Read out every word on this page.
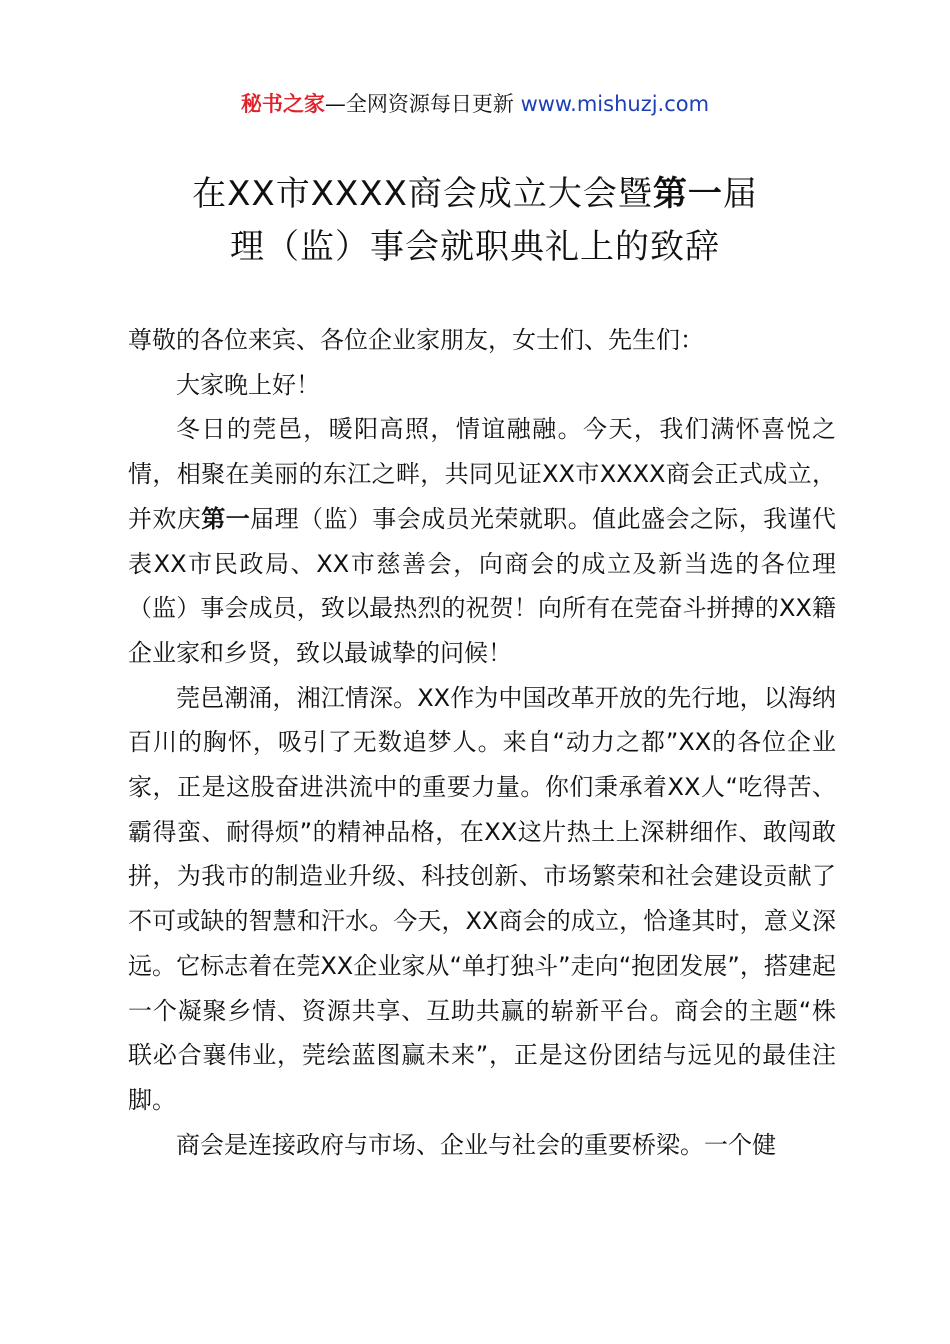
秘书之家—全网资源每日更新 www.mishuzj.com
在XX市XXXX商会成立大会暨第一届
理（监）事会就职典礼上的致辞

尊敬的各位来宾、各位企业家朋友，女士们、先生们：

大家晚上好！

冬日的莞邑，暖阳高照，情谊融融。今天，我们满怀喜悦之情，相聚在美丽的东江之畔，共同见证XX市XXXX商会正式成立，并欢庆第一届理（监）事会成员光荣就职。值此盛会之际，我谨代表XX市民政局、XX市慈善会，向商会的成立及新当选的各位理（监）事会成员，致以最热烈的祝贺！向所有在莞奋斗拼搏的XX籍企业家和乡贤，致以最诚挚的问候！

莞邑潮涌，湘江情深。XX作为中国改革开放的先行地，以海纳百川的胸怀，吸引了无数追梦人。来自“动力之都”XX的各位企业家，正是这股奋进洪流中的重要力量。你们秉承着XX人“吃得苦、霸得蛮、耐得烦”的精神品格，在XX这片热土上深耕细作、敢闯敢拼，为我市的制造业升级、科技创新、市场繁荣和社会建设贡献了不可或缺的智慧和汗水。今天，XX商会的成立，恰逢其时，意义深远。它标志着在莞XX企业家从“单打独斗”走向“抱团发展”，搭建起一个凝聚乡情、资源共享、互助共赢的崭新平台。商会的主题“株联必合襄伟业，莞绘蓝图赢未来”，正是这份团结与远见的最佳注脚。

商会是连接政府与市场、企业与社会的重要桥梁。一个健
